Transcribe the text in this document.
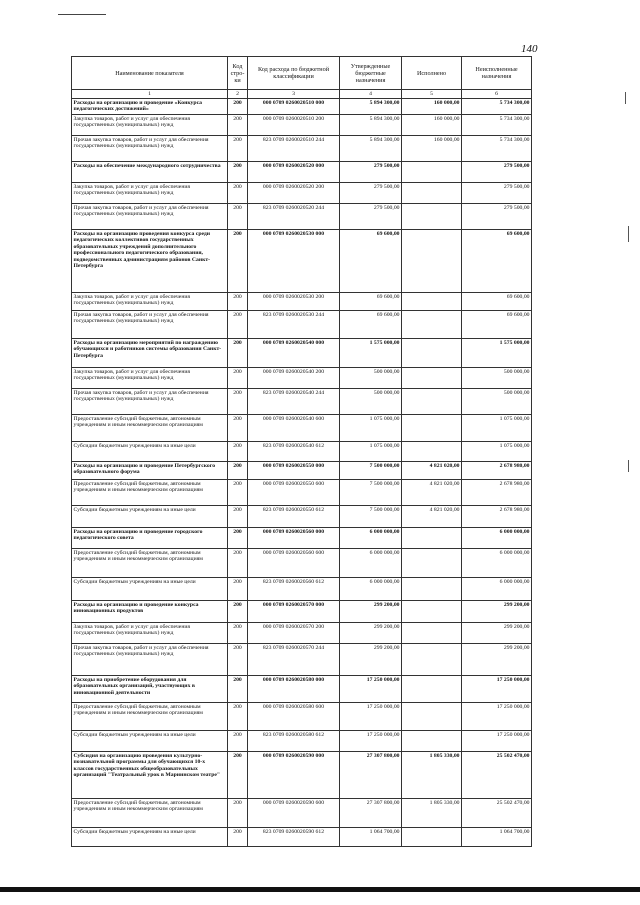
140
Наименование показателя	Код стро-ки	Код расхода по бюджетной классификации	Утвержденные бюджетные назначения	Исполнено	Неисполненные назначения
1	2	3	4	5	6
Расходы на организацию и проведение «Конкурса педагогических достижений»	200	000 0709 0260020510 000	5 894 300,00	160 000,00	5 734 300,00
Закупка товаров, работ и услуг для обеспечения государственных (муниципальных) нужд	200	000 0709 0260020510 200	5 894 300,00	160 000,00	5 734 300,00
Прочая закупка товаров, работ и услуг для обеспечения государственных (муниципальных) нужд	200	823 0709 0260020510 244	5 894 300,00	160 000,00	5 734 300,00
Расходы на обеспечение международного сотрудничества	200	000 0709 0260020520 000	279 500,00		279 500,00
Закупка товаров, работ и услуг для обеспечения государственных (муниципальных) нужд	200	000 0709 0260020520 200	279 500,00		279 500,00
Прочая закупка товаров, работ и услуг для обеспечения государственных (муниципальных) нужд	200	823 0709 0260020520 244	279 500,00		279 500,00
Расходы на организацию проведения конкурса среди педагогических коллективов государственных образовательных учреждений дополнительного профессионального педагогического образования, подведомственных администрациям районов Санкт-Петербурга	200	000 0709 0260020530 000	69 600,00		69 600,00
Закупка товаров, работ и услуг для обеспечения государственных (муниципальных) нужд	200	000 0709 0260020530 200	69 600,00		69 600,00
Прочая закупка товаров, работ и услуг для обеспечения государственных (муниципальных) нужд	200	823 0709 0260020530 244	69 600,00		69 600,00
Расходы на организацию мероприятий по награждению обучающихся и работников системы образования Санкт-Петербурга	200	000 0709 0260020540 000	1 575 000,00		1 575 000,00
Закупка товаров, работ и услуг для обеспечения государственных (муниципальных) нужд	200	000 0709 0260020540 200	500 000,00		500 000,00
Прочая закупка товаров, работ и услуг для обеспечения государственных (муниципальных) нужд	200	823 0709 0260020540 244	500 000,00		500 000,00
Предоставление субсидий бюджетным, автономным учреждениям и иным некоммерческим организациям	200	000 0709 0260020540 600	1 075 000,00		1 075 000,00
Субсидии бюджетным учреждениям на иные цели	200	823 0709 0260020540 612	1 075 000,00		1 075 000,00
Расходы на организацию и проведение Петербургского образовательного форума	200	000 0709 0260020550 000	7 500 000,00	4 821 020,00	2 678 980,00
Предоставление субсидий бюджетным, автономным учреждениям и иным некоммерческим организациям	200	000 0709 0260020550 600	7 500 000,00	4 821 020,00	2 678 980,00
Субсидии бюджетным учреждениям на иные цели	200	823 0709 0260020550 612	7 500 000,00	4 821 020,00	2 678 980,00
Расходы на организацию и проведение городского педагогического совета	200	000 0709 0260020560 000	6 000 000,00		6 000 000,00
Предоставление субсидий бюджетным, автономным учреждениям и иным некоммерческим организациям	200	000 0709 0260020560 600	6 000 000,00		6 000 000,00
Субсидии бюджетным учреждениям на иные цели	200	823 0709 0260020560 612	6 000 000,00		6 000 000,00
Расходы на организацию и проведение конкурса инновационных продуктов	200	000 0709 0260020570 000	299 200,00		299 200,00
Закупка товаров, работ и услуг для обеспечения государственных (муниципальных) нужд	200	000 0709 0260020570 200	299 200,00		299 200,00
Прочая закупка товаров, работ и услуг для обеспечения государственных (муниципальных) нужд	200	823 0709 0260020570 244	299 200,00		299 200,00
Расходы на приобретение оборудования для образовательных организаций, участвующих в инновационной деятельности	200	000 0709 0260020580 000	17 250 000,00		17 250 000,00
Предоставление субсидий бюджетным, автономным учреждениям и иным некоммерческим организациям	200	000 0709 0260020580 600	17 250 000,00		17 250 000,00
Субсидии бюджетным учреждениям на иные цели	200	823 0709 0260020580 612	17 250 000,00		17 250 000,00
Субсидия на организацию проведения культурно-познавательной программы для обучающихся 10-х классов государственных общеобразовательных организаций "Театральный урок в Мариинском театре"	200	000 0709 0260020590 000	27 307 800,00	1 805 330,00	25 502 470,00
Предоставление субсидий бюджетным, автономным учреждениям и иным некоммерческим организациям	200	000 0709 0260020590 600	27 307 800,00	1 805 330,00	25 502 470,00
Субсидии бюджетным учреждениям на иные цели	200	823 0709 0260020590 612	1 064 700,00		1 064 700,00
